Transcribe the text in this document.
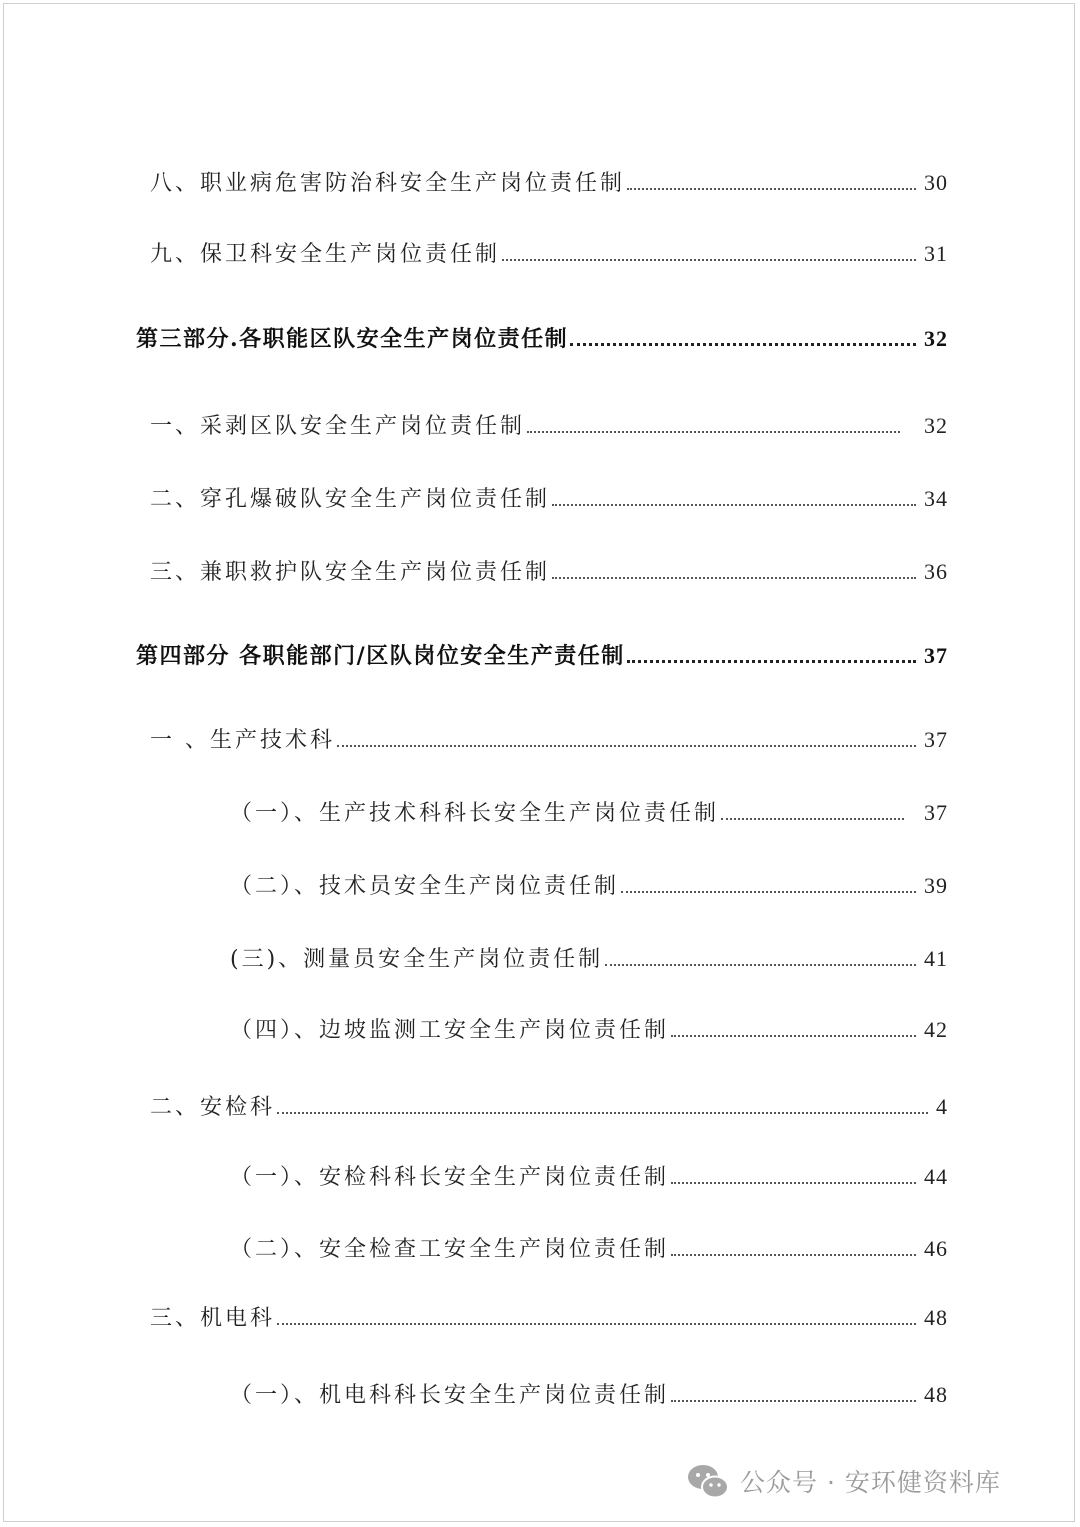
八、职业病危害防治科安全生产岗位责任制	30
九、保卫科安全生产岗位责任制	31
第三部分.各职能区队安全生产岗位责任制	32
一、采剥区队安全生产岗位责任制	32
二、穿孔爆破队安全生产岗位责任制	34
三、兼职救护队安全生产岗位责任制	36
第四部分 各职能部门/区队岗位安全生产责任制	37
一 、生产技术科	37
（一）、生产技术科科长安全生产岗位责任制	37
（二）、技术员安全生产岗位责任制	39
(三)、测量员安全生产岗位责任制	41
（四）、边坡监测工安全生产岗位责任制	42
二、安检科	4
（一）、安检科科长安全生产岗位责任制	44
（二）、安全检查工安全生产岗位责任制	46
三、机电科	48
（一）、机电科科长安全生产岗位责任制	48
公众号 · 安环健资料库
